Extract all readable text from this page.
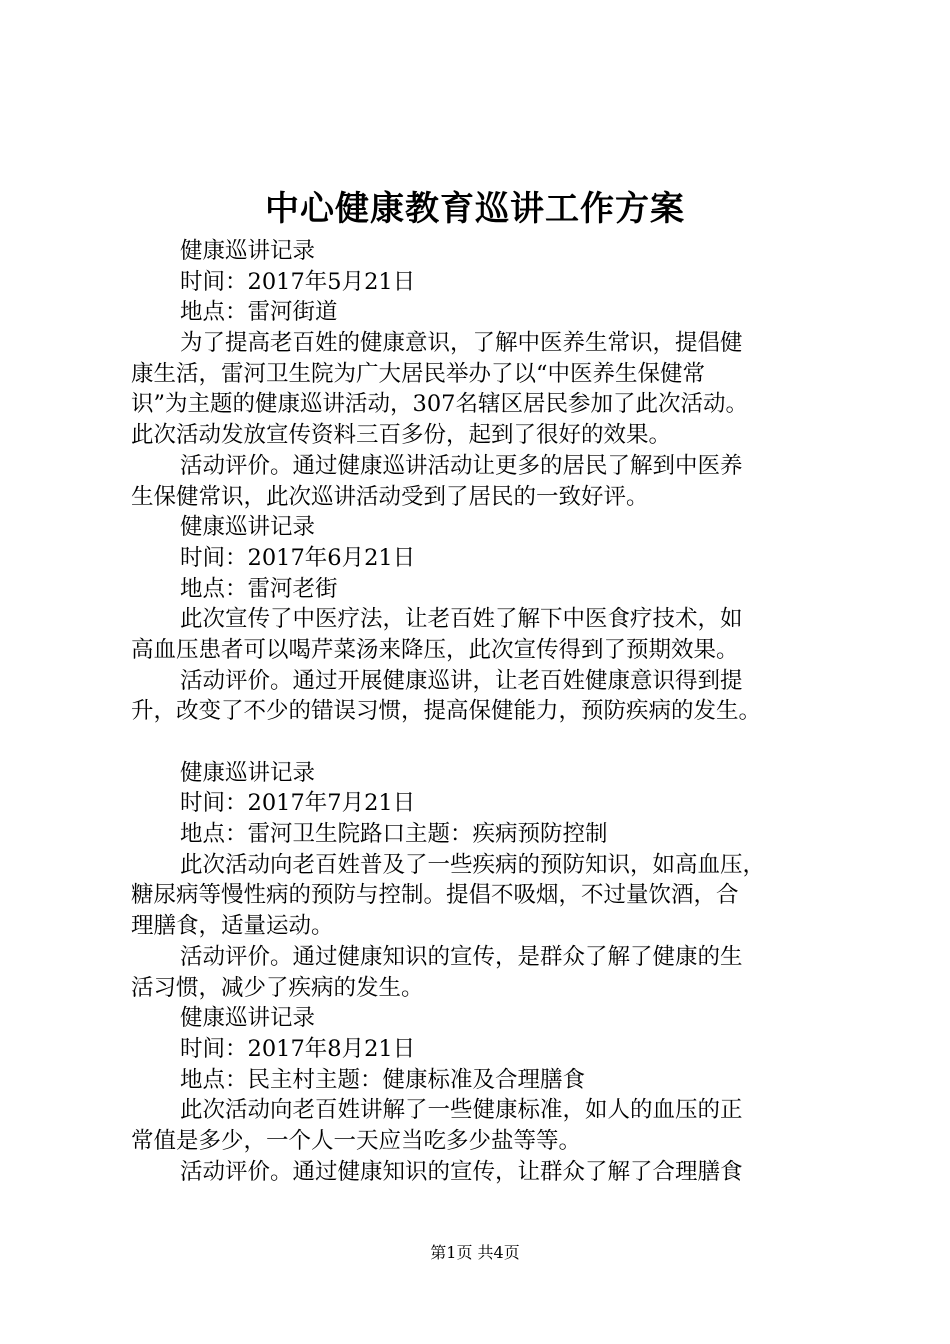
中心健康教育巡讲工作方案
健康巡讲记录
时间：2017年5月21日
地点：雷河街道
为了提高老百姓的健康意识，了解中医养生常识，提倡健
康生活，雷河卫生院为广大居民举办了以“中医养生保健常
识”为主题的健康巡讲活动，307名辖区居民参加了此次活动。
此次活动发放宣传资料三百多份，起到了很好的效果。
活动评价。通过健康巡讲活动让更多的居民了解到中医养
生保健常识，此次巡讲活动受到了居民的一致好评。
健康巡讲记录
时间：2017年6月21日
地点：雷河老街
此次宣传了中医疗法，让老百姓了解下中医食疗技术，如
高血压患者可以喝芹菜汤来降压，此次宣传得到了预期效果。
活动评价。通过开展健康巡讲，让老百姓健康意识得到提
升，改变了不少的错误习惯，提高保健能力，预防疾病的发生。
健康巡讲记录
时间：2017年7月21日
地点：雷河卫生院路口主题：疾病预防控制
此次活动向老百姓普及了一些疾病的预防知识，如高血压，
糖尿病等慢性病的预防与控制。提倡不吸烟，不过量饮酒，合
理膳食，适量运动。
活动评价。通过健康知识的宣传，是群众了解了健康的生
活习惯，减少了疾病的发生。
健康巡讲记录
时间：2017年8月21日
地点：民主村主题：健康标准及合理膳食
此次活动向老百姓讲解了一些健康标准，如人的血压的正
常值是多少，一个人一天应当吃多少盐等等。
活动评价。通过健康知识的宣传，让群众了解了合理膳食
第1页 共4页
